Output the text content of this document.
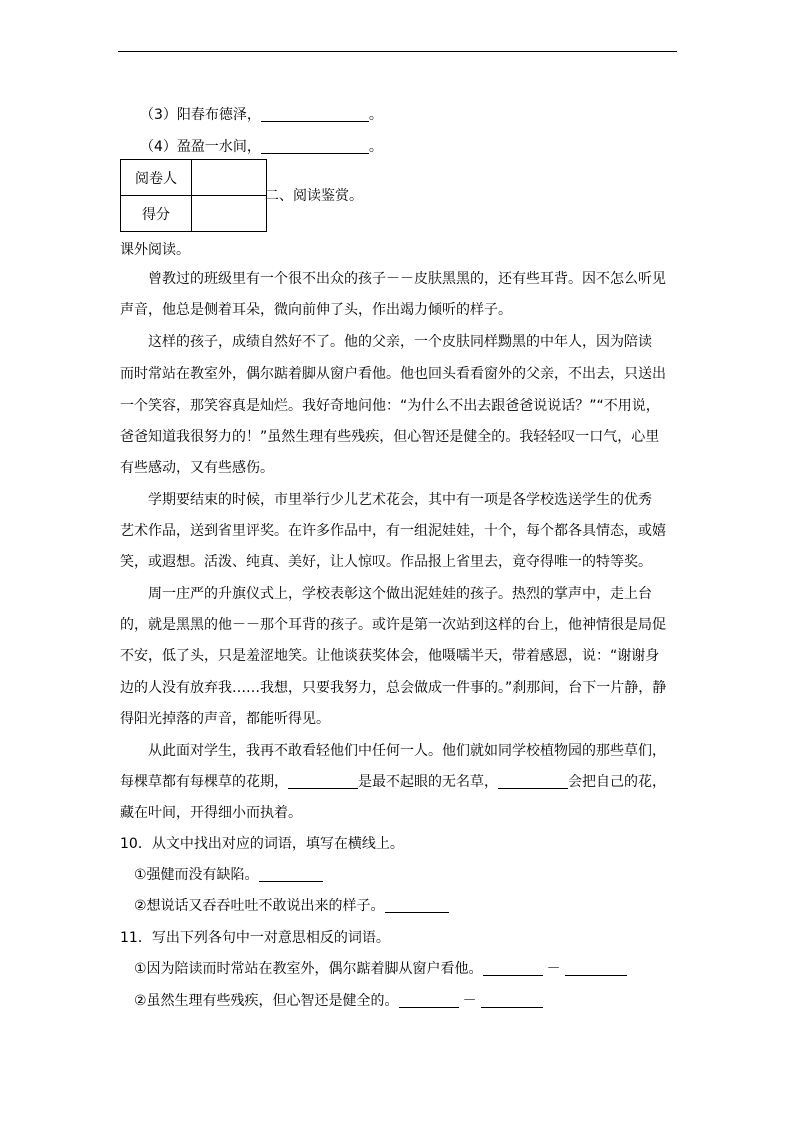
（3）阳春布德泽，	。
（4）盈盈一水间，	。
阅卷人	
得分	
二、阅读鉴赏。
课外阅读。
曾教过的班级里有一个很不出众的孩子－－皮肤黑黑的，还有些耳背。因不怎么听见
声音，他总是侧着耳朵，微向前伸了头，作出竭力倾听的样子。
这样的孩子，成绩自然好不了。他的父亲，一个皮肤同样黝黑的中年人，因为陪读
而时常站在教室外，偶尔踮着脚从窗户看他。他也回头看看窗外的父亲，不出去，只送出
一个笑容，那笑容真是灿烂。我好奇地问他：“为什么不出去跟爸爸说说话？”“不用说，
爸爸知道我很努力的！”虽然生理有些残疾，但心智还是健全的。我轻轻叹一口气，心里
有些感动，又有些感伤。
学期要结束的时候，市里举行少儿艺术花会，其中有一项是各学校选送学生的优秀
艺术作品，送到省里评奖。在许多作品中，有一组泥娃娃，十个，每个都各具情态，或嬉
笑，或遐想。活泼、纯真、美好，让人惊叹。作品报上省里去，竟夺得唯一的特等奖。
周一庄严的升旗仪式上，学校表彰这个做出泥娃娃的孩子。热烈的掌声中，走上台
的，就是黑黑的他－－那个耳背的孩子。或许是第一次站到这样的台上，他神情很是局促
不安，低了头，只是羞涩地笑。让他谈获奖体会，他嗫嚅半天，带着感恩，说：“谢谢身
边的人没有放弃我……我想，只要我努力，总会做成一件事的。”刹那间，台下一片静，静
得阳光掉落的声音，都能听得见。
从此面对学生，我再不敢看轻他们中任何一人。他们就如同学校植物园的那些草们，
每棵草都有每棵草的花期，	是最不起眼的无名草，	会把自己的花，
藏在叶间，开得细小而执着。
10．从文中找出对应的词语，填写在横线上。
①强健而没有缺陷。
②想说话又吞吞吐吐不敢说出来的样子。
11．写出下列各句中一对意思相反的词语。
①因为陪读而时常站在教室外，偶尔踮着脚从窗户看他。	－
②虽然生理有些残疾，但心智还是健全的。	－
